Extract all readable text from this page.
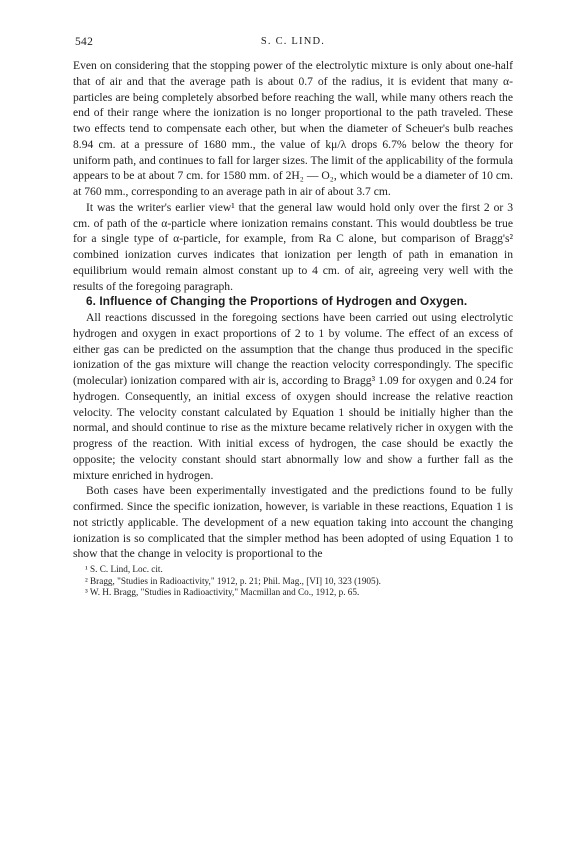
542	S. C. LIND.

Even on considering that the stopping power of the electrolytic mixture is only about one-half that of air and that the average path is about 0.7 of the radius, it is evident that many α-particles are being completely absorbed before reaching the wall, while many others reach the end of their range where the ionization is no longer proportional to the path traveled. These two effects tend to compensate each other, but when the diameter of Scheuer's bulb reaches 8.94 cm. at a pressure of 1680 mm., the value of kμ/λ drops 6.7% below the theory for uniform path, and continues to fall for larger sizes. The limit of the applicability of the formula appears to be at about 7 cm. for 1580 mm. of 2H₂ — O₂, which would be a diameter of 10 cm. at 760 mm., corresponding to an average path in air of about 3.7 cm.

It was the writer's earlier view¹ that the general law would hold only over the first 2 or 3 cm. of path of the α-particle where ionization remains constant. This would doubtless be true for a single type of α-particle, for example, from Ra C alone, but comparison of Bragg's² combined ionization curves indicates that ionization per length of path in emanation in equilibrium would remain almost constant up to 4 cm. of air, agreeing very well with the results of the foregoing paragraph.

6. Influence of Changing the Proportions of Hydrogen and Oxygen.

All reactions discussed in the foregoing sections have been carried out using electrolytic hydrogen and oxygen in exact proportions of 2 to 1 by volume. The effect of an excess of either gas can be predicted on the assumption that the change thus produced in the specific ionization of the gas mixture will change the reaction velocity correspondingly. The specific (molecular) ionization compared with air is, according to Bragg³ 1.09 for oxygen and 0.24 for hydrogen. Consequently, an initial excess of oxygen should increase the relative reaction velocity. The velocity constant calculated by Equation 1 should be initially higher than the normal, and should continue to rise as the mixture became relatively richer in oxygen with the progress of the reaction. With initial excess of hydrogen, the case should be exactly the opposite; the velocity constant should start abnormally low and show a further fall as the mixture enriched in hydrogen.

Both cases have been experimentally investigated and the predictions found to be fully confirmed. Since the specific ionization, however, is variable in these reactions, Equation 1 is not strictly applicable. The development of a new equation taking into account the changing ionization is so complicated that the simpler method has been adopted of using Equation 1 to show that the change in velocity is proportional to the

¹ S. C. Lind, Loc. cit.

² Bragg, "Studies in Radioactivity," 1912, p. 21; Phil. Mag., [VI] 10, 323 (1905).

³ W. H. Bragg, "Studies in Radioactivity," Macmillan and Co., 1912, p. 65.
